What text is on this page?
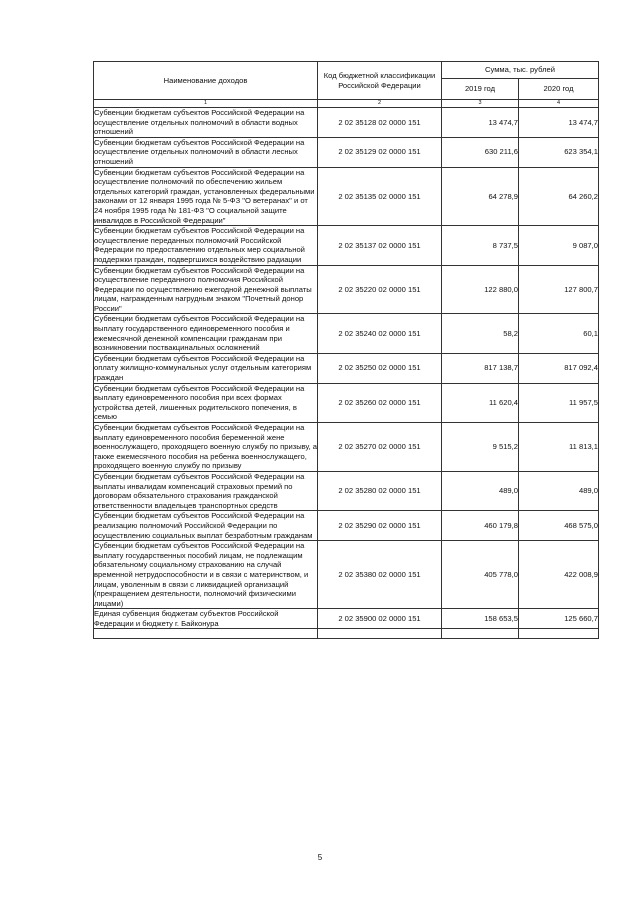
Наименование доходов	Код бюджетной классификации Российской Федерации	Сумма, тыс. рублей	
		2019 год	2020 год
1	2	3	4
Субвенции бюджетам субъектов Российской Федерации на осуществление отдельных полномочий в области водных отношений	2 02 35128 02 0000 151	13 474,7	13 474,7
Субвенции бюджетам субъектов Российской Федерации на осуществление отдельных полномочий в области лесных отношений	2 02 35129 02 0000 151	630 211,6	623 354,1
Субвенции бюджетам субъектов Российской Федерации на осуществление полномочий по обеспечению жильем отдельных категорий граждан, установленных федеральными законами от 12 января 1995 года № 5-ФЗ "О ветеранах" и от 24 ноября 1995 года № 181-ФЗ "О социальной защите инвалидов в Российской Федерации"	2 02 35135 02 0000 151	64 278,9	64 260,2
Субвенции бюджетам субъектов Российской Федерации на осуществление переданных полномочий Российской Федерации по предоставлению отдельных мер социальной поддержки граждан, подвергшихся воздействию радиации	2 02 35137 02 0000 151	8 737,5	9 087,0
Субвенции бюджетам субъектов Российской Федерации на осуществление переданного полномочия Российской Федерации по осуществлению ежегодной денежной выплаты лицам, награжденным нагрудным знаком "Почетный донор России"	2 02 35220 02 0000 151	122 880,0	127 800,7
Субвенции бюджетам субъектов Российской Федерации на выплату государственного единовременного пособия и ежемесячной денежной компенсации гражданам при возникновении поствакцинальных осложнений	2 02 35240 02 0000 151	58,2	60,1
Субвенции бюджетам субъектов Российской Федерации на оплату жилищно-коммунальных услуг отдельным категориям граждан	2 02 35250 02 0000 151	817 138,7	817 092,4
Субвенции бюджетам субъектов Российской Федерации на выплату единовременного пособия при всех формах устройства детей, лишенных родительского попечения, в семью	2 02 35260 02 0000 151	11 620,4	11 957,5
Субвенции бюджетам субъектов Российской Федерации на выплату единовременного пособия беременной жене военнослужащего, проходящего военную службу по призыву, а также ежемесячного пособия на ребенка военнослужащего, проходящего военную службу по призыву	2 02 35270 02 0000 151	9 515,2	11 813,1
Субвенции бюджетам субъектов Российской Федерации на выплаты инвалидам компенсаций страховых премий по договорам обязательного страхования гражданской ответственности владельцев транспортных средств	2 02 35280 02 0000 151	489,0	489,0
Субвенции бюджетам субъектов Российской Федерации на реализацию полномочий Российской Федерации по осуществлению социальных выплат безработным гражданам	2 02 35290 02 0000 151	460 179,8	468 575,0
Субвенции бюджетам субъектов Российской Федерации на выплату государственных пособий лицам, не подлежащим обязательному социальному страхованию на случай временной нетрудоспособности и в связи с материнством, и лицам, уволенным в связи с ликвидацией организаций (прекращением деятельности, полномочий физическими лицами)	2 02 35380 02 0000 151	405 778,0	422 008,9
Единая субвенция бюджетам субъектов Российской Федерации и бюджету г. Байконура	2 02 35900 02 0000 151	158 653,5	125 660,7

5
